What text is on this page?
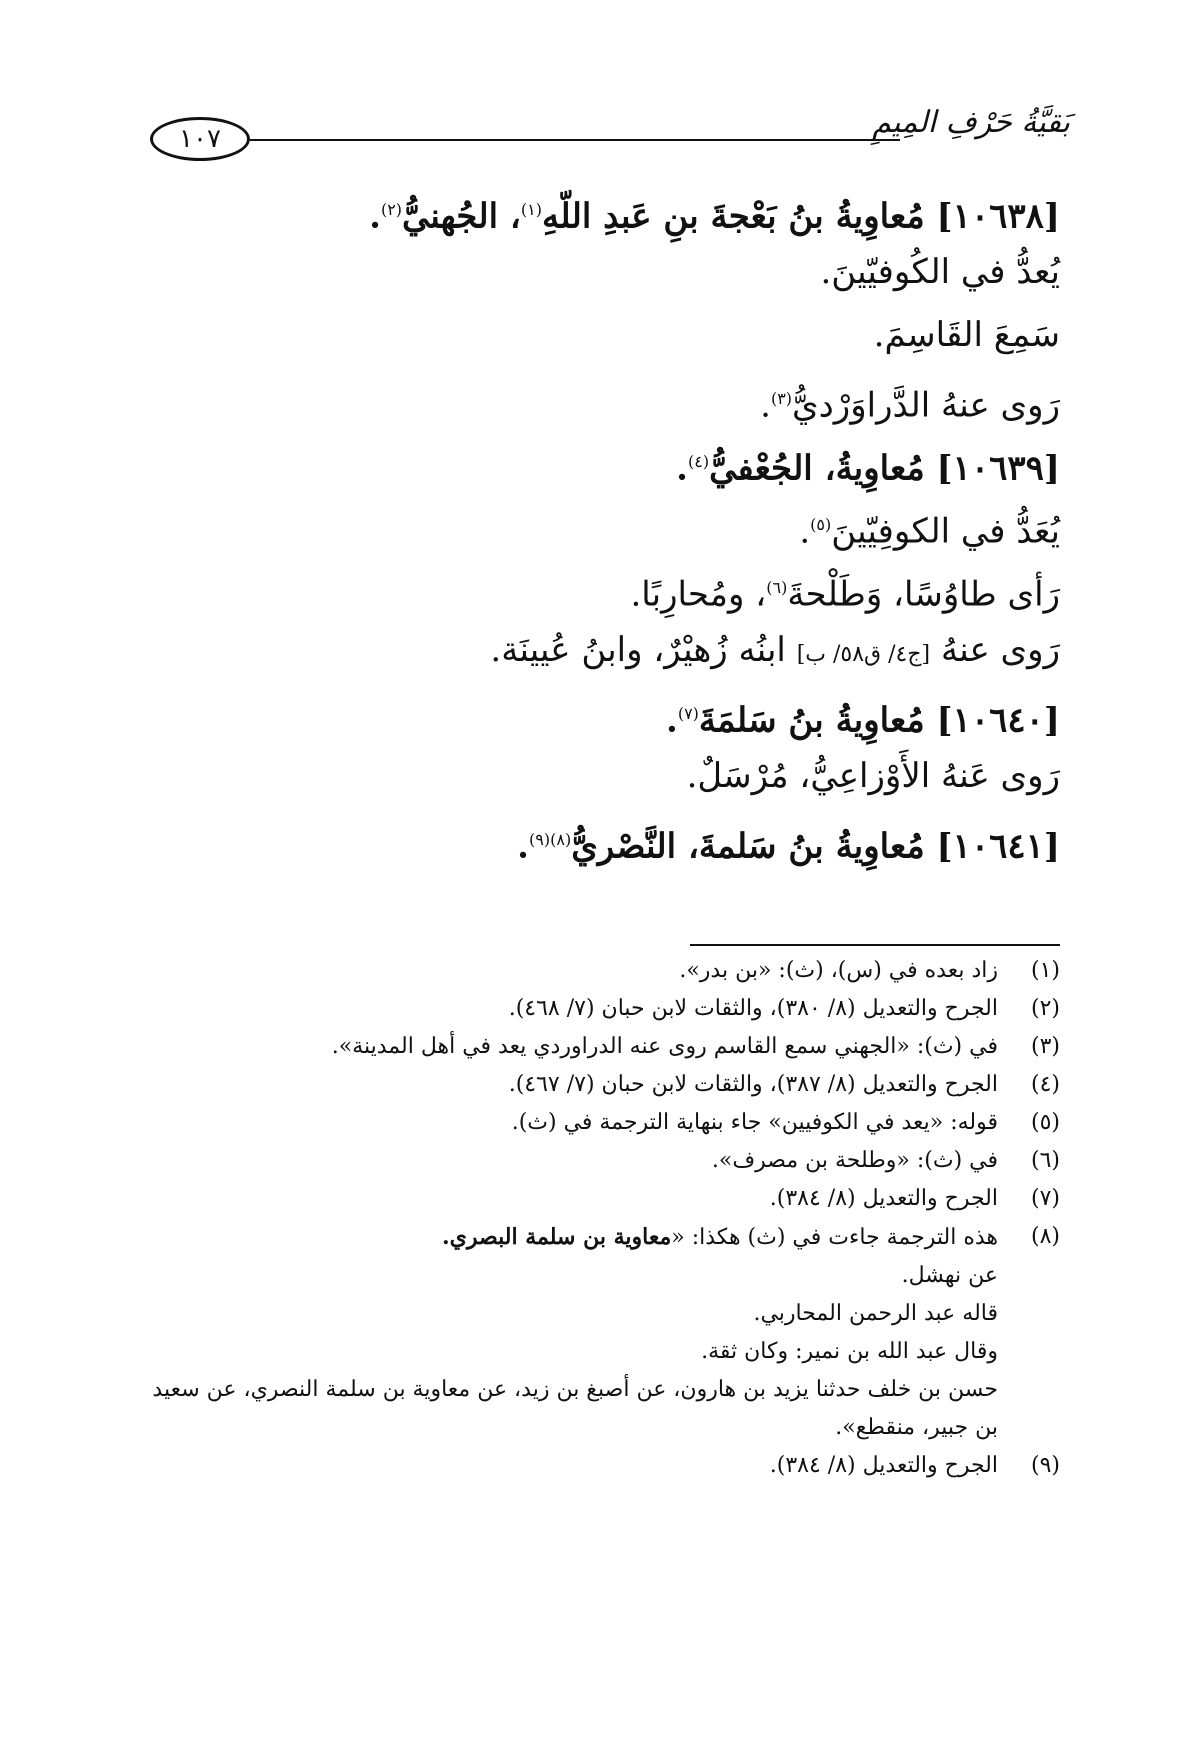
١٠٧	بَقيَّةُ حَرْفِ المِيمِ
[١٠٦٣٨] مُعاوِيةُ بنُ بَعْجةَ بنِ عَبدِ اللّهِ$^{(١)}$، الجُهنيُّ$^{(٢)}$.
يُعدُّ في الكُوفيّينَ.
سَمِعَ القَاسِمَ.
رَوى عنهُ الدَّراوَرْديُّ$^{(٣)}$.
[١٠٦٣٩] مُعاوِيةُ، الجُعْفيُّ$^{(٤)}$.
يُعَدُّ في الكوفِيّينَ$^{(٥)}$.
رَأى طاوُسًا، وَطَلْحةَ$^{(٦)}$، ومُحارِبًا.
رَوى عنهُ [ج٤/ ق٥٨/ ب] ابنُه زُهيْرٌ، وابنُ عُيينَة.
[١٠٦٤٠] مُعاوِيةُ بنُ سَلمَةَ$^{(٧)}$.
رَوى عَنهُ الأَوْزاعِيُّ، مُرْسَلٌ.
[١٠٦٤١] مُعاوِيةُ بنُ سَلمةَ، النَّصْريُّ$^{(٨)(٩)}$.
(١)
زاد بعده في (س)، (ث): «بن بدر».
(٢)
الجرح والتعديل (٨/ ٣٨٠)، والثقات لابن حبان (٧/ ٤٦٨).
(٣)
في (ث): «الجهني سمع القاسم روى عنه الدراوردي يعد في أهل المدينة».
(٤)
الجرح والتعديل (٨/ ٣٨٧)، والثقات لابن حبان (٧/ ٤٦٧).
(٥)
قوله: «يعد في الكوفيين» جاء بنهاية الترجمة في (ث).
(٦)
في (ث): «وطلحة بن مصرف».
(٧)
الجرح والتعديل (٨/ ٣٨٤).
(٨)
هذه الترجمة جاءت في (ث) هكذا: «معاوية بن سلمة البصري.
عن نهشل.
قاله عبد الرحمن المحاربي.
وقال عبد الله بن نمير: وكان ثقة.
حسن بن خلف حدثنا يزيد بن هارون، عن أصبغ بن زيد، عن معاوية بن سلمة النصري، عن سعيد بن جبير، منقطع».
(٩)
الجرح والتعديل (٨/ ٣٨٤).
